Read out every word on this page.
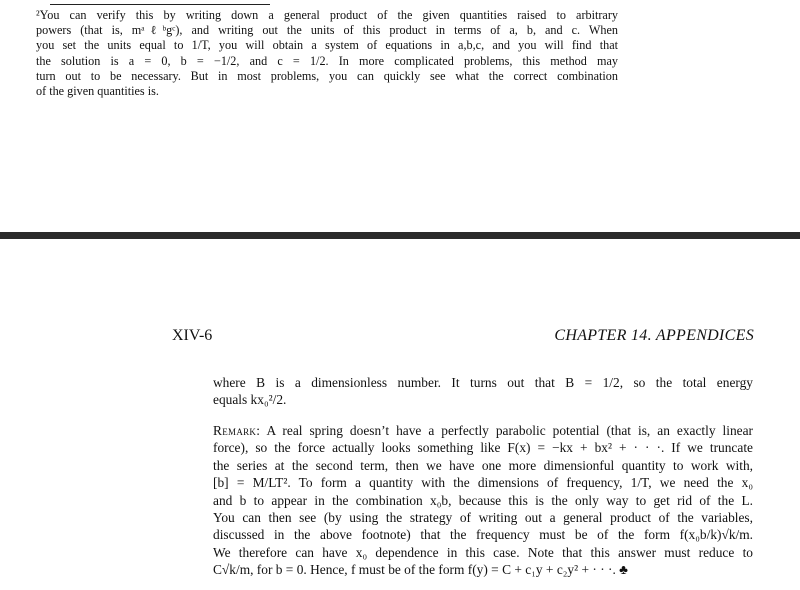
²You can verify this by writing down a general product of the given quantities raised to arbitrary
powers (that is, mᵃℓᵇgᶜ), and writing out the units of this product in terms of a, b, and c. When
you set the units equal to 1/T, you will obtain a system of equations in a,b,c, and you will find that
the solution is a = 0, b = −1/2, and c = 1/2. In more complicated problems, this method may
turn out to be necessary. But in most problems, you can quickly see what the correct combination
of the given quantities is.
XIV-6	CHAPTER 14. APPENDICES
where B is a dimensionless number. It turns out that B = 1/2, so the total energy
equals kx₀²/2.
Remark: A real spring doesn’t have a perfectly parabolic potential (that is, an exactly linear
force), so the force actually looks something like F(x) = −kx + bx² + · · ·. If we truncate
the series at the second term, then we have one more dimensionful quantity to work with,
[b] = M/LT². To form a quantity with the dimensions of frequency, 1/T, we need the x₀
and b to appear in the combination x₀b, because this is the only way to get rid of the L.
You can then see (by using the strategy of writing out a general product of the variables,
discussed in the above footnote) that the frequency must be of the form f(x₀b/k)√k/m.
We therefore can have x₀ dependence in this case. Note that this answer must reduce to
C√k/m, for b = 0. Hence, f must be of the form f(y) = C + c₁y + c₂y² + · · ·. ♣
